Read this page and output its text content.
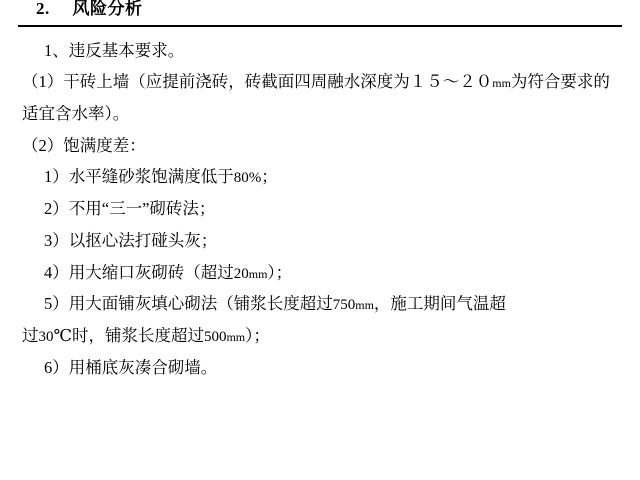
2. 风险分析
1、违反基本要求。
（1）干砖上墙（应提前浇砖，砖截面四周融水深度为１５～２０mm为符合要求的适宜含水率）。
（2）饱满度差：
1）水平缝砂浆饱满度低于80%；
2）不用“三一”砌砖法；
3）以抠心法打碰头灰；
4）用大缩口灰砌砖（超过20mm）；
5）用大面铺灰填心砌法（铺浆长度超过750mm，施工期间气温超
过30℃时，铺浆长度超过500mm）；
6）用桶底灰凑合砌墙。
